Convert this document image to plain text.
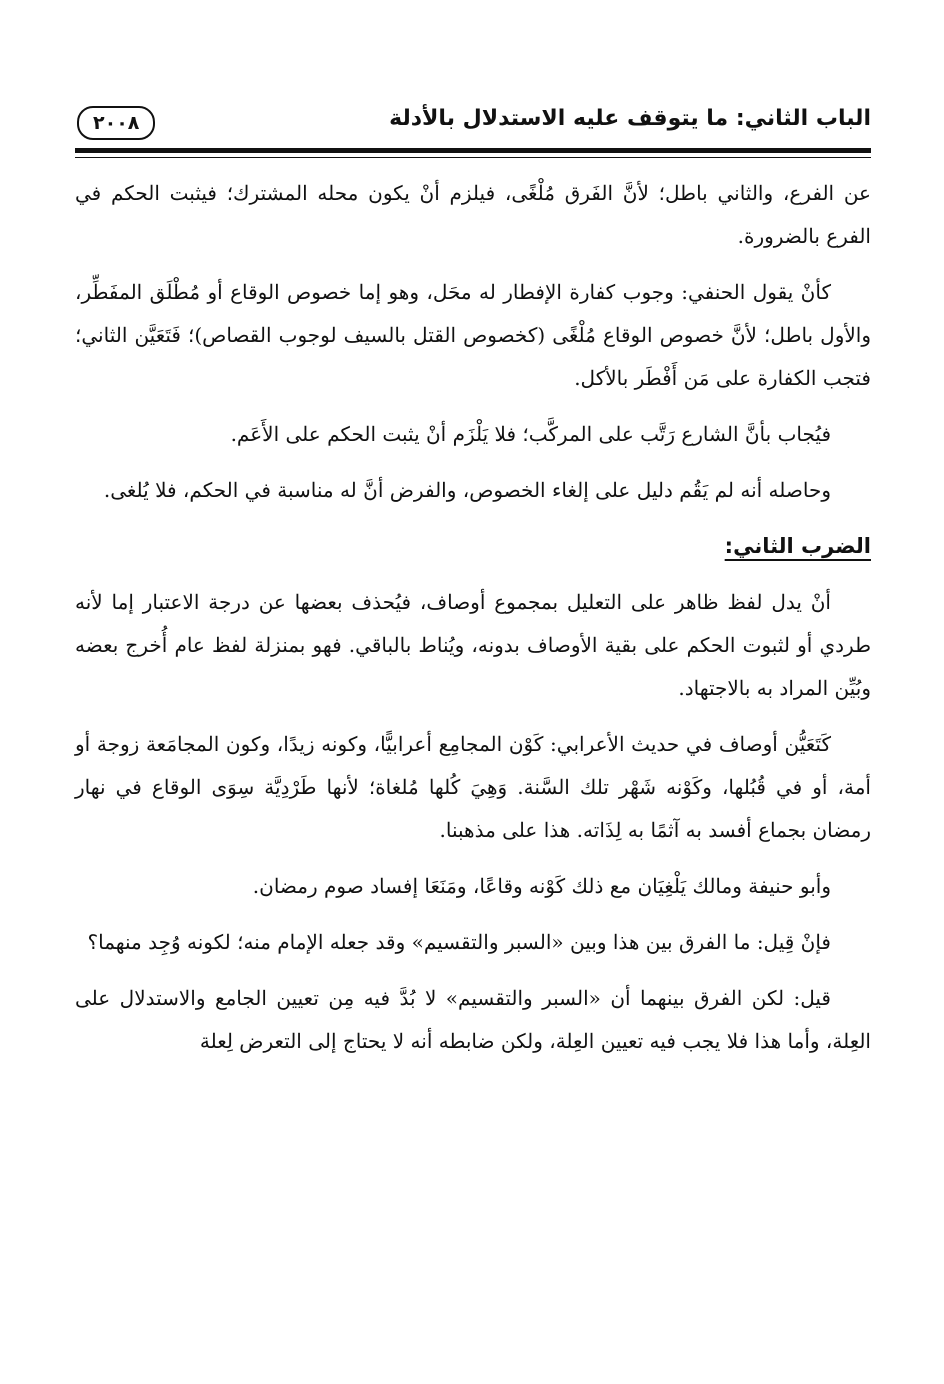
الباب الثاني: ما يتوقف عليه الاستدلال بالأدلة
٢٠٠٨

عن الفرع، والثاني باطل؛ لأنَّ الفَرق مُلْغًى، فيلزم أنْ يكون محله المشترك؛ فيثبت الحكم في الفرع بالضرورة.

كأنْ يقول الحنفي: وجوب كفارة الإفطار له محَل، وهو إما خصوص الوقاع أو مُطْلَق المفَطِّر، والأول باطل؛ لأنَّ خصوص الوقاع مُلْغًى (كخصوص القتل بالسيف لوجوب القصاص)؛ فَتَعَيَّن الثاني؛ فتجب الكفارة على مَن أَفْطَر بالأكل.

فيُجاب بأنَّ الشارع رَتَّب على المركَّب؛ فلا يَلْزَم أنْ يثبت الحكم على الأَعَم.

وحاصله أنه لم يَقُم دليل على إلغاء الخصوص، والفرض أنَّ له مناسبة في الحكم، فلا يُلغى.

الضرب الثاني:

أنْ يدل لفظ ظاهر على التعليل بمجموع أوصاف، فيُحذف بعضها عن درجة الاعتبار إما لأنه طردي أو لثبوت الحكم على بقية الأوصاف بدونه، ويُناط بالباقي. فهو بمنزلة لفظ عام أُخرج بعضه وبُيِّن المراد به بالاجتهاد.

كَتَعَيُّن أوصاف في حديث الأعرابي: كَوْن المجامِع أعرابيًّا، وكونه زيدًا، وكون المجامَعة زوجة أو أمة، أو في قُبُلها، وكَوْنه شَهْر تلك السَّنة. وَهِيَ كُلها مُلغاة؛ لأنها طَرْدِيَّة سِوَى الوقاع في نهار رمضان بجماع أفسد به آثمًا به لِذَاته. هذا على مذهبنا.

وأبو حنيفة ومالك يَلْغِيَان مع ذلك كَوْنه وقاعًا، ومَنَعَا إفساد صوم رمضان.

فإنْ قِيل: ما الفرق بين هذا وبين «السبر والتقسيم» وقد جعله الإمام منه؛ لكونه وُجِد منهما؟

قيل: لكن الفرق بينهما أن «السبر والتقسيم» لا بُدَّ فيه مِن تعيين الجامع والاستدلال على العِلة، وأما هذا فلا يجب فيه تعيين العِلة، ولكن ضابطه أنه لا يحتاج إلى التعرض لِعلة
